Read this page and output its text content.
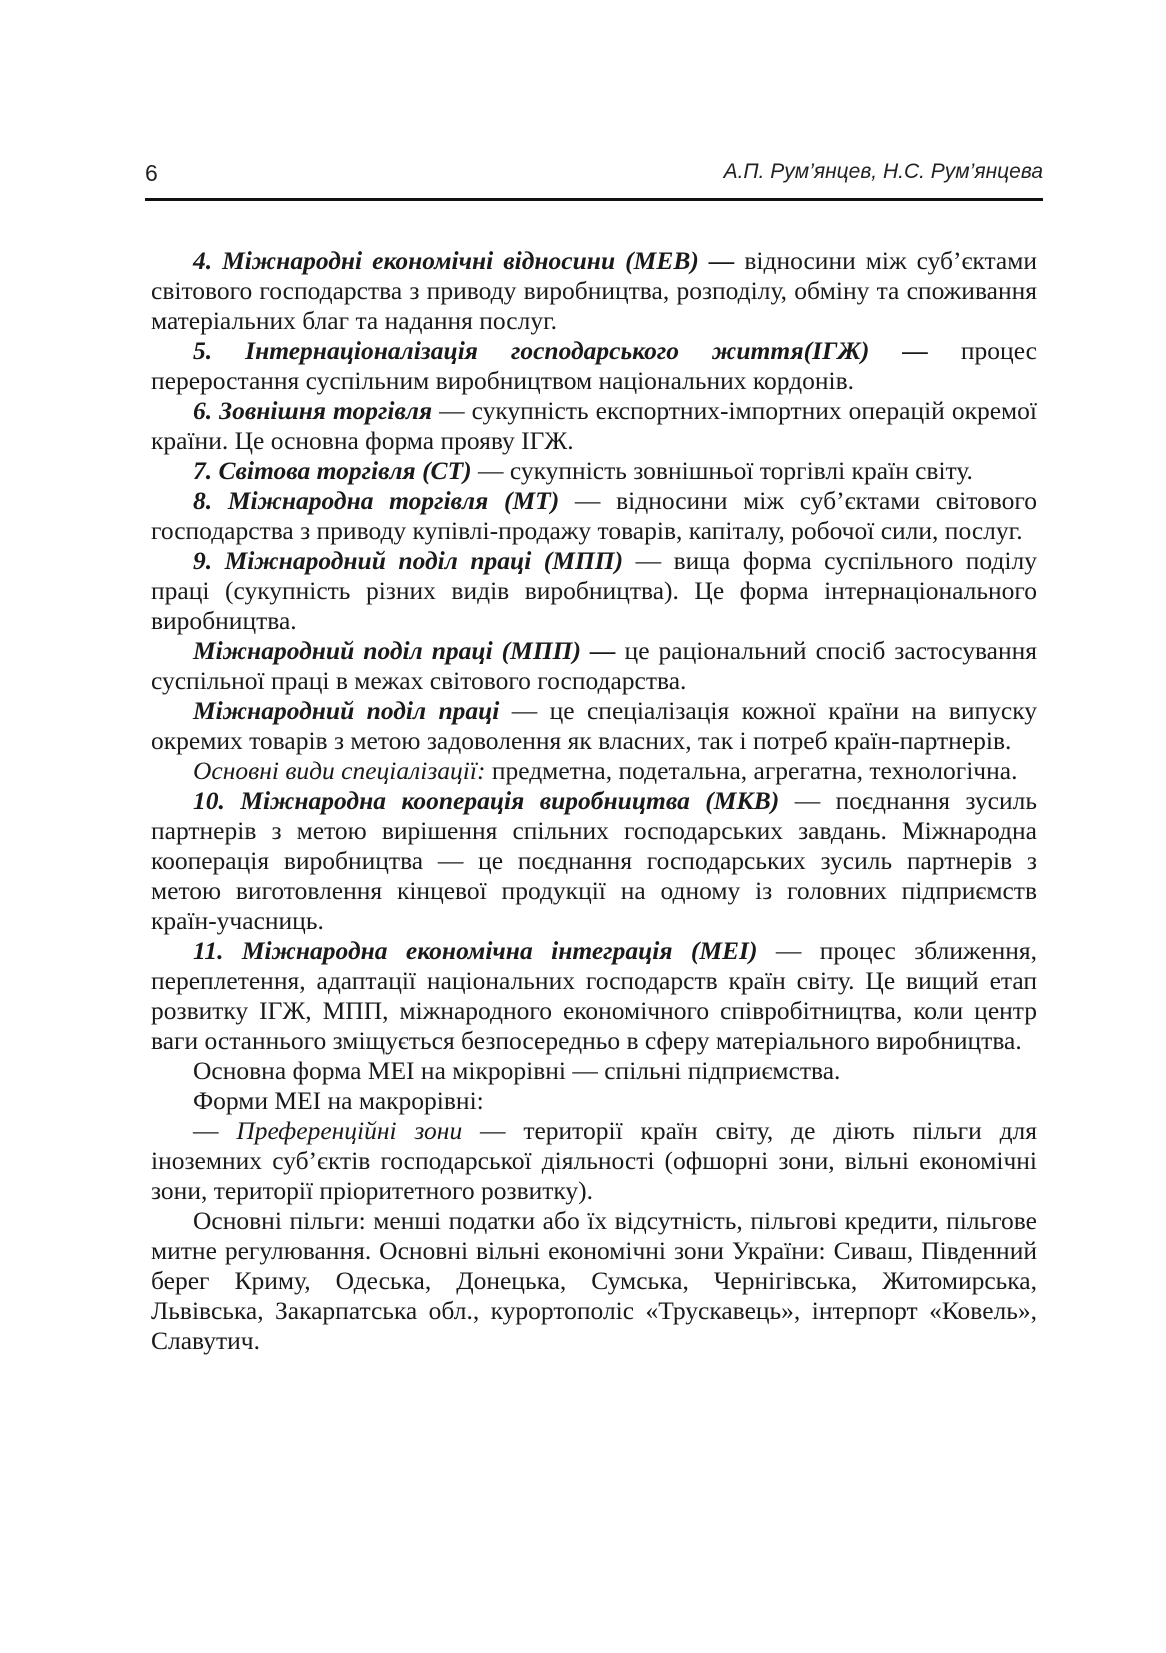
6	А.П. Рум’янцев, Н.С. Рум’янцева

4. Міжнародні економічні відносини (МЕВ) — відносини між суб’єктами світового господарства з приводу виробництва, розподілу, обміну та споживання матеріальних благ та надання послуг.

5. Інтернаціоналізація господарського життя(ІГЖ) — процес переростання суспільним виробництвом національних кордонів.

6. Зовнішня торгівля — сукупність експортних-імпортних операцій окремої країни. Це основна форма прояву ІГЖ.

7. Світова торгівля (СТ) — сукупність зовнішньої торгівлі країн світу.

8. Міжнародна торгівля (МТ) — відносини між суб’єктами світового господарства з приводу купівлі-продажу товарів, капіталу, робочої сили, послуг.

9. Міжнародний поділ праці (МПП) — вища форма суспільного поділу праці (сукупність різних видів виробництва). Це форма інтернаціонального виробництва.

Міжнародний поділ праці (МПП) — це раціональний спосіб застосування суспільної праці в межах світового господарства.

Міжнародний поділ праці — це спеціалізація кожної країни на випуску окремих товарів з метою задоволення як власних, так і потреб країн-партнерів.

Основні види спеціалізації: предметна, подетальна, агрегатна, технологічна.

10. Міжнародна кооперація виробництва (МКВ) — поєднання зусиль партнерів з метою вирішення спільних господарських завдань. Міжнародна кооперація виробництва — це поєднання господарських зусиль партнерів з метою виготовлення кінцевої продукції на одному із головних підприємств країн-учасниць.

11. Міжнародна економічна інтеграція (МЕІ) — процес зближення, переплетення, адаптації національних господарств країн світу. Це вищий етап розвитку ІГЖ, МПП, міжнародного економічного співробітництва, коли центр ваги останнього зміщується безпосередньо в сферу матеріального виробництва.

Основна форма МЕІ на мікрорівні — спільні підприємства.

Форми МЕІ на макрорівні:

— Преференційні зони — території країн світу, де діють пільги для іноземних суб’єктів господарської діяльності (офшорні зони, вільні економічні зони, території пріоритетного розвитку).

Основні пільги: менші податки або їх відсутність, пільгові кредити, пільгове митне регулювання. Основні вільні економічні зони України: Сиваш, Південний берег Криму, Одеська, Донецька, Сумська, Чернігівська, Житомирська, Львівська, Закарпатська обл., курортополіс «Трускавець», інтерпорт «Ковель», Славутич.
